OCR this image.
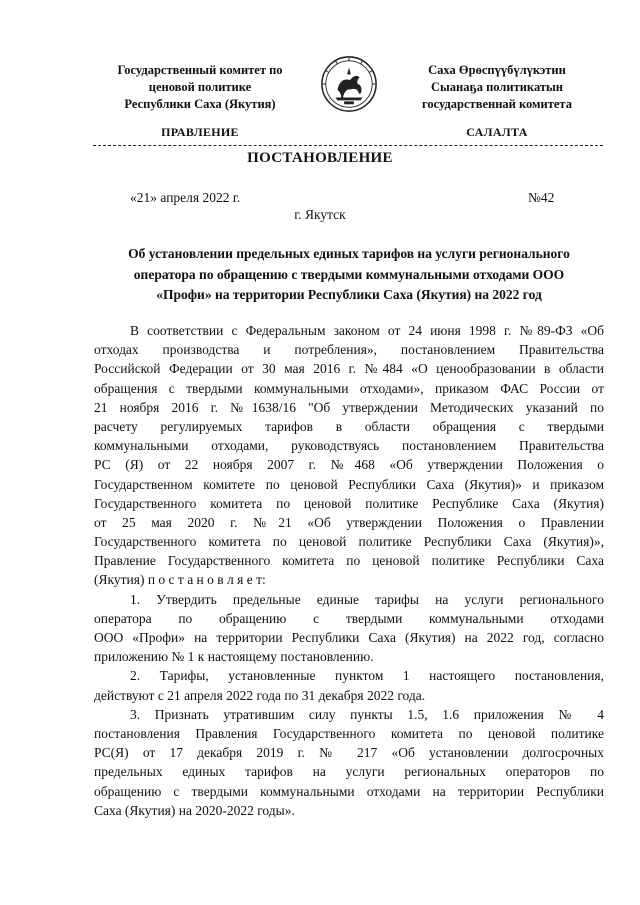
Государственный комитет по
ценовой политике
Республики Саха (Якутия)
Саха Өрөспүүбүлүкэтин
Сыанаҕа политикатын
государственнай комитета
ПРАВЛЕНИЕ	САЛАЛТА
ПОСТАНОВЛЕНИЕ
«21» апреля 2022 г.	№42
г. Якутск
Об установлении предельных единых тарифов на услуги регионального
оператора по обращению с твердыми коммунальными отходами ООО
«Профи» на территории Республики Саха (Якутия) на 2022 год
В соответствии с Федеральным законом от 24 июня 1998 г. №89-ФЗ «Об
отходах производства и потребления», постановлением Правительства
Российской Федерации от 30 мая 2016 г. №484 «О ценообразовании в области
обращения с твердыми коммунальными отходами», приказом ФАС России от
21 ноября 2016 г. №1638/16 "Об утверждении Методических указаний по
расчету регулируемых тарифов в области обращения с твердыми
коммунальными отходами, руководствуясь постановлением Правительства
РС (Я) от 22 ноября 2007 г. №468 «Об утверждении Положения о
Государственном комитете по ценовой Республики Саха (Якутия)» и приказом
Государственного комитета по ценовой политике Республике Саха (Якутия)
от 25 мая 2020 г. №21 «Об утверждении Положения о Правлении
Государственного комитета по ценовой политике Республики Саха (Якутия)»,
Правление Государственного комитета по ценовой политике Республики Саха
(Якутия) п о с т а н о в л я е т:
1. Утвердить предельные единые тарифы на услуги регионального
оператора по обращению с твердыми коммунальными отходами
ООО «Профи» на территории Республики Саха (Якутия) на 2022 год, согласно
приложению № 1 к настоящему постановлению.
2. Тарифы, установленные пунктом 1 настоящего постановления,
действуют с 21 апреля 2022 года по 31 декабря 2022 года.
3. Признать утратившим силу пункты 1.5, 1.6 приложения № 4
постановления Правления Государственного комитета по ценовой политике
РС(Я) от 17 декабря 2019 г. № 217 «Об установлении долгосрочных
предельных единых тарифов на услуги региональных операторов по
обращению с твердыми коммунальными отходами на территории Республики
Саха (Якутия) на 2020-2022 годы».
